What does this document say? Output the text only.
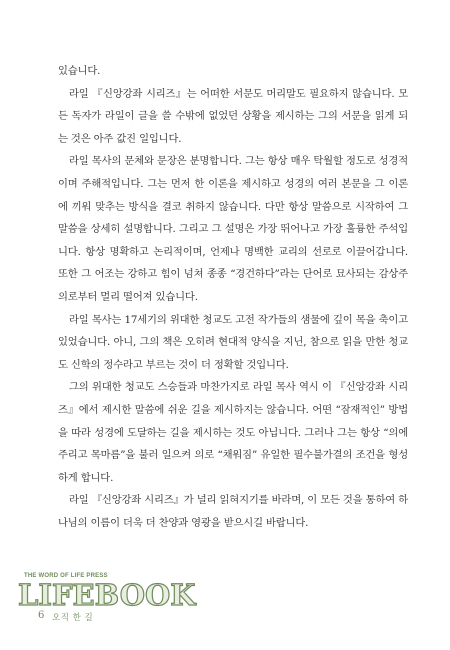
있습니다.

라일 『신앙강좌 시리즈』는 어떠한 서문도 머리말도 필요하지 않습니다. 모든 독자가 라일이 글을 쓸 수밖에 없었던 상황을 제시하는 그의 서문을 읽게 되는 것은 아주 값진 일입니다.

라일 목사의 문체와 문장은 분명합니다. 그는 항상 매우 탁월할 정도로 성경적이며 주해적입니다. 그는 먼저 한 이론을 제시하고 성경의 여러 본문을 그 이론에 끼워 맞추는 방식을 결코 취하지 않습니다. 다만 항상 말씀으로 시작하여 그 말씀을 상세히 설명합니다. 그리고 그 설명은 가장 뛰어나고 가장 훌륭한 주석입니다. 항상 명확하고 논리적이며, 언제나 명백한 교리의 선로로 이끌어갑니다. 또한 그 어조는 강하고 힘이 넘쳐 종종 “경건하다”라는 단어로 묘사되는 감상주의로부터 멀리 떨어져 있습니다.

라일 목사는 17세기의 위대한 청교도 고전 작가들의 샘물에 깊이 목을 축이고 있었습니다. 아니, 그의 책은 오히려 현대적 양식을 지닌, 참으로 읽을 만한 청교도 신학의 정수라고 부르는 것이 더 정확할 것입니다.

그의 위대한 청교도 스승들과 마찬가지로 라일 목사 역시 이 『신앙강좌 시리즈』에서 제시한 말씀에 쉬운 길을 제시하지는 않습니다. 어떤 “잠재적인” 방법을 따라 성경에 도달하는 길을 제시하는 것도 아닙니다. 그러나 그는 항상 “의에 주리고 목마름”을 불러 일으켜 의로 “채워짐” 유일한 필수불가결의 조건을 형성하게 합니다.

라일 『신앙강좌 시리즈』가 널리 읽혀지기를 바라며, 이 모든 것을 통하여 하나님의 이름이 더욱 더 찬양과 영광을 받으시길 바랍니다.

THE WORD OF LIFE PRESS
LIFEBOOK
6 오직 한 길
